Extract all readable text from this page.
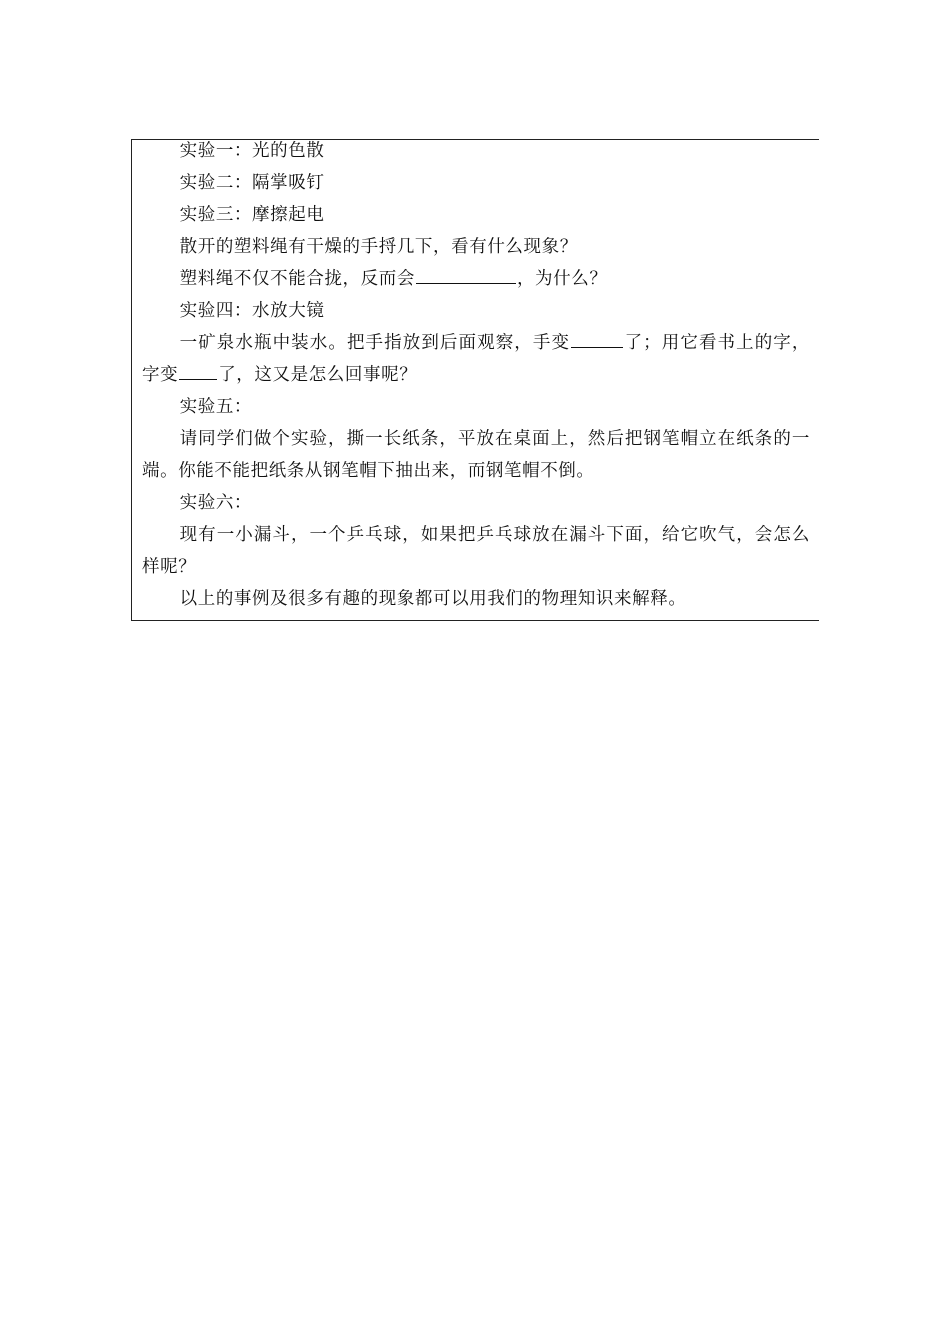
实验一：光的色散

实验二：隔掌吸钉

实验三：摩擦起电

散开的塑料绳有干燥的手捋几下，看有什么现象？

塑料绳不仅不能合拢，反而会	，为什么？

实验四：水放大镜

一矿泉水瓶中装水。把手指放到后面观察，手变	了；用它看书上的字，字变 了，这又是怎么回事呢？

实验五：

请同学们做个实验，撕一长纸条，平放在桌面上，然后把钢笔帽立在纸条的一端。你能不能把纸条从钢笔帽下抽出来，而钢笔帽不倒。

实验六：

现有一小漏斗，一个乒乓球，如果把乒乓球放在漏斗下面，给它吹气，会怎么样呢？

以上的事例及很多有趣的现象都可以用我们的物理知识来解释。
